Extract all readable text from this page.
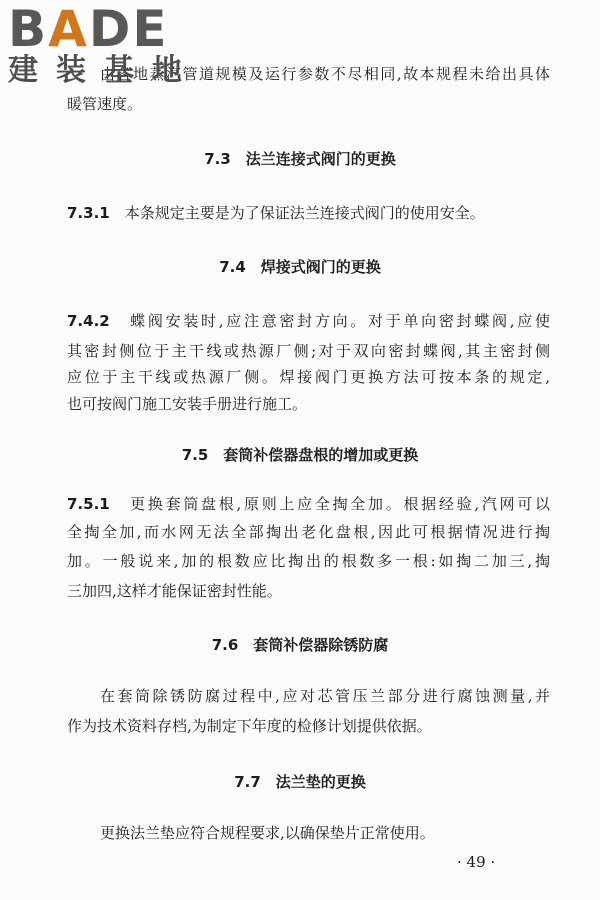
BADE
建装基地
由各地蒸汽管道规模及运行参数不尽相同,故本规程未给出具体
暖管速度。
7.3　法兰连接式阀门的更换
7.3.1　 本条规定主要是为了保证法兰连接式阀门的使用安全。
7.4　焊接式阀门的更换
7.4.2　 蝶阀安装时,应注意密封方向。对于单向密封蝶阀,应使
其密封侧位于主干线或热源厂侧;对于双向密封蝶阀,其主密封侧
应位于主干线或热源厂侧。焊接阀门更换方法可按本条的规定,
也可按阀门施工安装手册进行施工。
7.5　套筒补偿器盘根的增加或更换
7.5.1　 更换套筒盘根,原则上应全掏全加。根据经验,汽网可以
全掏全加,而水网无法全部掏出老化盘根,因此可根据情况进行掏
加。一般说来,加的根数应比掏出的根数多一根:如掏二加三,掏
三加四,这样才能保证密封性能。
7.6　套筒补偿器除锈防腐
在套筒除锈防腐过程中,应对芯管压兰部分进行腐蚀测量,并
作为技术资料存档,为制定下年度的检修计划提供依据。
7.7　法兰垫的更换
更换法兰垫应符合规程要求,以确保垫片正常使用。
· 49 ·
